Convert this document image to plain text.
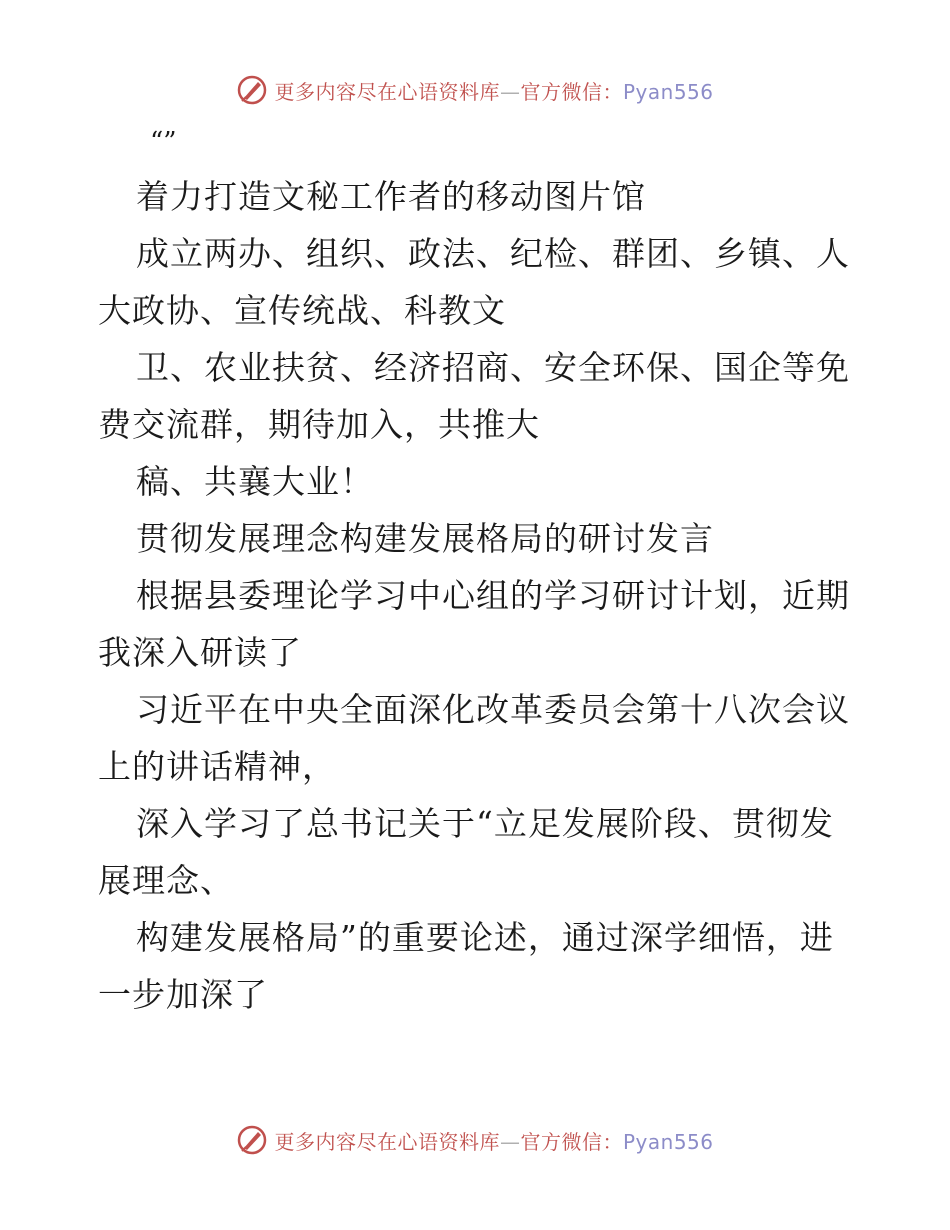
更多内容尽在心语资料库—官方微信：Pyan556
“”
着力打造文秘工作者的移动图片馆
成立两办、组织、政法、纪检、群团、乡镇、人
大政协、宣传统战、科教文
卫、农业扶贫、经济招商、安全环保、国企等免
费交流群，期待加入，共推大
稿、共襄大业！
贯彻发展理念构建发展格局的研讨发言
根据县委理论学习中心组的学习研讨计划，近期
我深入研读了
习近平在中央全面深化改革委员会第十八次会议
上的讲话精神，
深入学习了总书记关于“立足发展阶段、贯彻发
展理念、
构建发展格局”的重要论述，通过深学细悟，进
一步加深了
更多内容尽在心语资料库—官方微信：Pyan556
